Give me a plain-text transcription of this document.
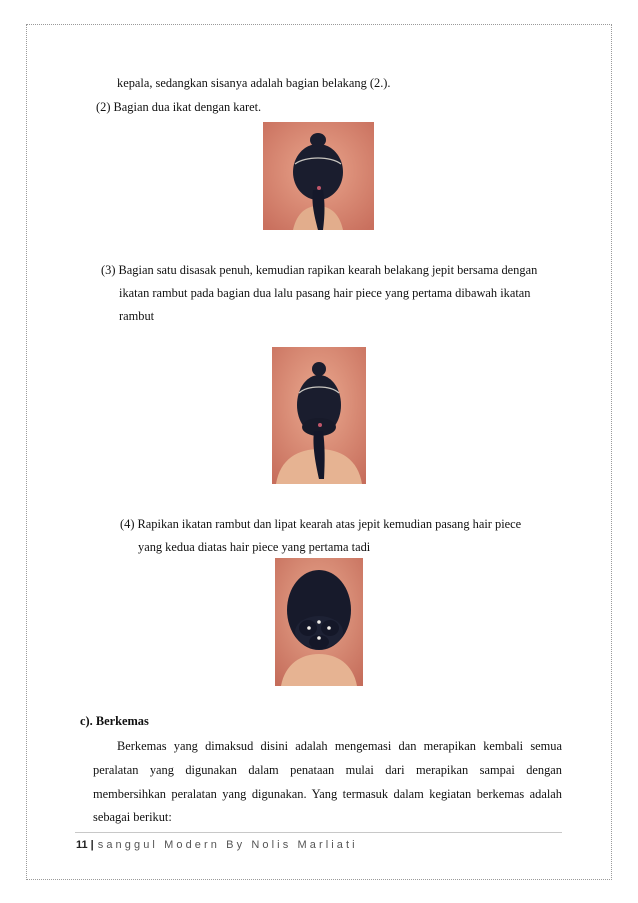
kepala, sedangkan sisanya adalah bagian belakang (2.).
(2) Bagian dua ikat dengan karet.
(3) Bagian satu disasak penuh, kemudian rapikan kearah belakang jepit bersama dengan
ikatan rambut pada bagian dua lalu pasang hair piece yang pertama dibawah ikatan
rambut
(4) Rapikan ikatan rambut dan lipat kearah atas jepit kemudian pasang hair piece
yang kedua diatas hair piece yang pertama tadi
c). Berkemas
Berkemas yang dimaksud disini adalah mengemasi dan merapikan kembali semua
peralatan yang digunakan dalam penataan mulai dari merapikan sampai dengan
membersihkan peralatan yang digunakan. Yang termasuk dalam kegiatan berkemas adalah
sebagai berikut:
11 | sanggul Modern By Nolis Marliati
